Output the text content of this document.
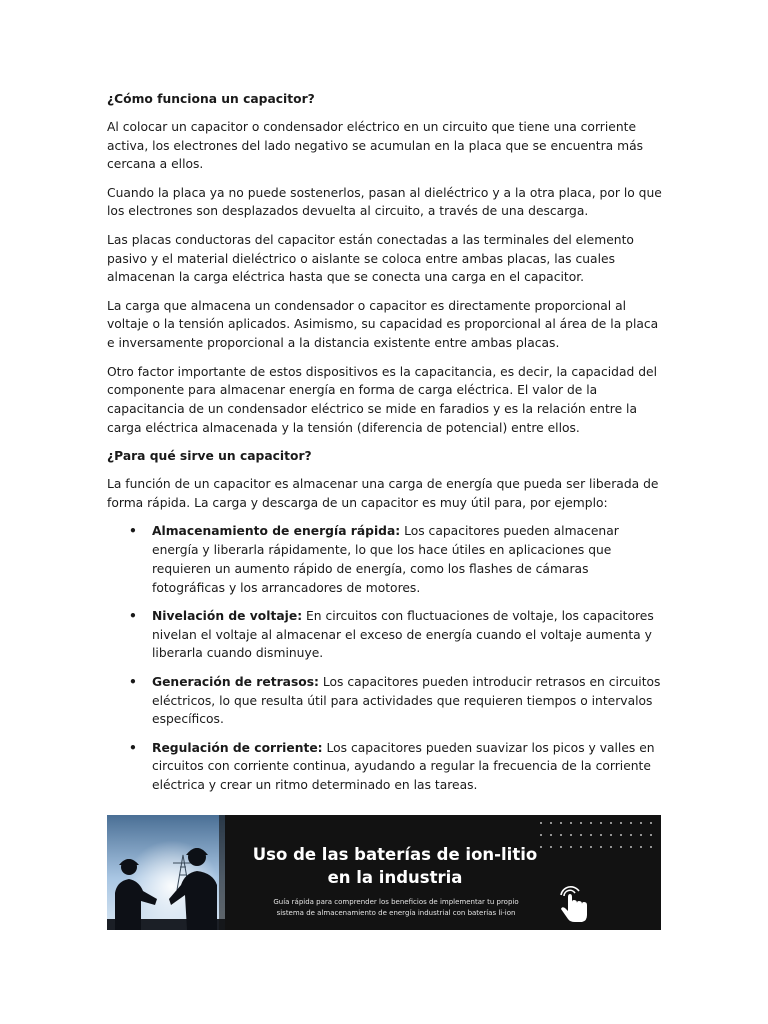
¿Cómo funciona un capacitor?

Al colocar un capacitor o condensador eléctrico en un circuito que tiene una corriente activa, los electrones del lado negativo se acumulan en la placa que se encuentra más cercana a ellos.

Cuando la placa ya no puede sostenerlos, pasan al dieléctrico y a la otra placa, por lo que los electrones son desplazados devuelta al circuito, a través de una descarga.

Las placas conductoras del capacitor están conectadas a las terminales del elemento pasivo y el material dieléctrico o aislante se coloca entre ambas placas, las cuales almacenan la carga eléctrica hasta que se conecta una carga en el capacitor.

La carga que almacena un condensador o capacitor es directamente proporcional al voltaje o la tensión aplicados. Asimismo, su capacidad es proporcional al área de la placa e inversamente proporcional a la distancia existente entre ambas placas.

Otro factor importante de estos dispositivos es la capacitancia, es decir, la capacidad del componente para almacenar energía en forma de carga eléctrica. El valor de la capacitancia de un condensador eléctrico se mide en faradios y es la relación entre la carga eléctrica almacenada y la tensión (diferencia de potencial) entre ellos.

¿Para qué sirve un capacitor?

La función de un capacitor es almacenar una carga de energía que pueda ser liberada de forma rápida. La carga y descarga de un capacitor es muy útil para, por ejemplo:

• Almacenamiento de energía rápida: Los capacitores pueden almacenar energía y liberarla rápidamente, lo que los hace útiles en aplicaciones que requieren un aumento rápido de energía, como los flashes de cámaras fotográficas y los arrancadores de motores.
• Nivelación de voltaje: En circuitos con fluctuaciones de voltaje, los capacitores nivelan el voltaje al almacenar el exceso de energía cuando el voltaje aumenta y liberarla cuando disminuye.
• Generación de retrasos: Los capacitores pueden introducir retrasos en circuitos eléctricos, lo que resulta útil para actividades que requieren tiempos o intervalos específicos.
• Regulación de corriente: Los capacitores pueden suavizar los picos y valles en circuitos con corriente continua, ayudando a regular la frecuencia de la corriente eléctrica y crear un ritmo determinado en las tareas.
Uso de las baterías de ion-litio
en la industria
Guía rápida para comprender los beneficios de implementar tu propio
sistema de almacenamiento de energía industrial con baterías li-ion
